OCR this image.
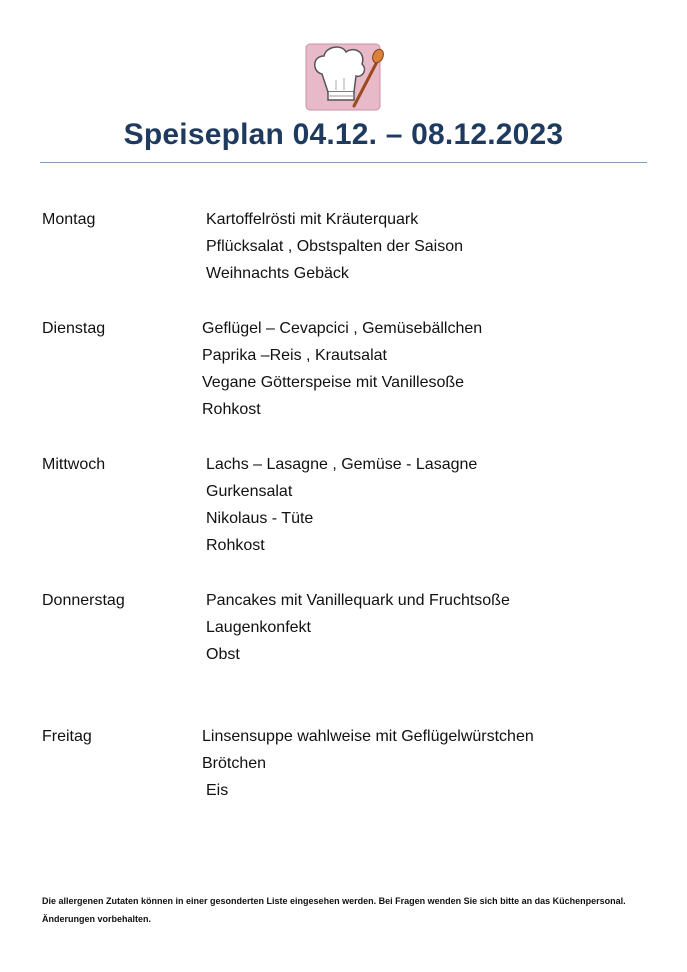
Speiseplan 04.12. – 08.12.2023
Montag	Kartoffelrösti mit Kräuterquark
Pflücksalat , Obstspalten der Saison
Weihnachts Gebäck
Dienstag	Geflügel – Cevapcici , Gemüsebällchen
Paprika –Reis , Krautsalat
Vegane Götterspeise mit Vanillesoße
Rohkost
Mittwoch	Lachs – Lasagne , Gemüse - Lasagne
Gurkensalat
Nikolaus - Tüte
Rohkost
Donnerstag	Pancakes mit Vanillequark und Fruchtsoße
Laugenkonfekt
Obst
Freitag	Linsensuppe wahlweise mit Geflügelwürstchen
Brötchen
Eis
Die allergenen Zutaten können in einer gesonderten Liste eingesehen werden. Bei Fragen wenden Sie sich bitte an das Küchenpersonal.
Änderungen vorbehalten.
